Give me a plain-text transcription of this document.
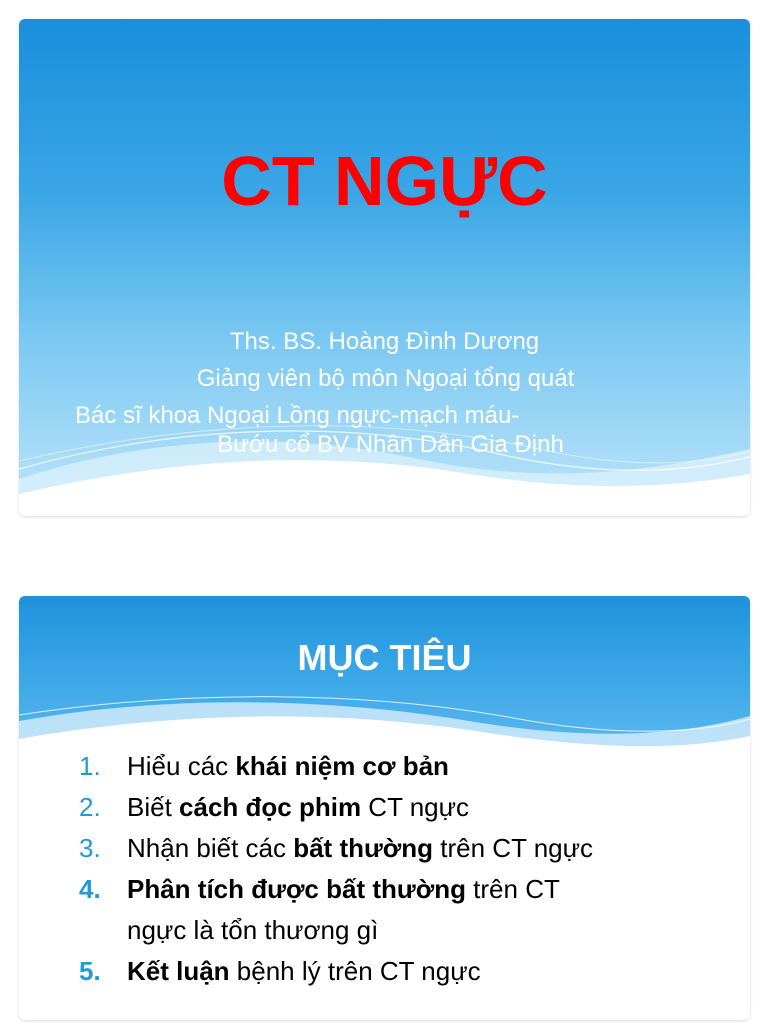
CT NGỰC
Ths. BS. Hoàng Đình Dương
Giảng viên bộ môn Ngoại tổng quát
Bác sĩ khoa Ngoại Lồng ngực-mạch máu-
Bướu cổ BV Nhân Dân Gia Định
MỤC TIÊU
1.	Hiểu các khái niệm cơ bản
2.	Biết cách đọc phim CT ngực
3.	Nhận biết các bất thường trên CT ngực
4.	Phân tích được bất thường trên CT
ngực là tổn thương gì
5.	Kết luận bệnh lý trên CT ngực
